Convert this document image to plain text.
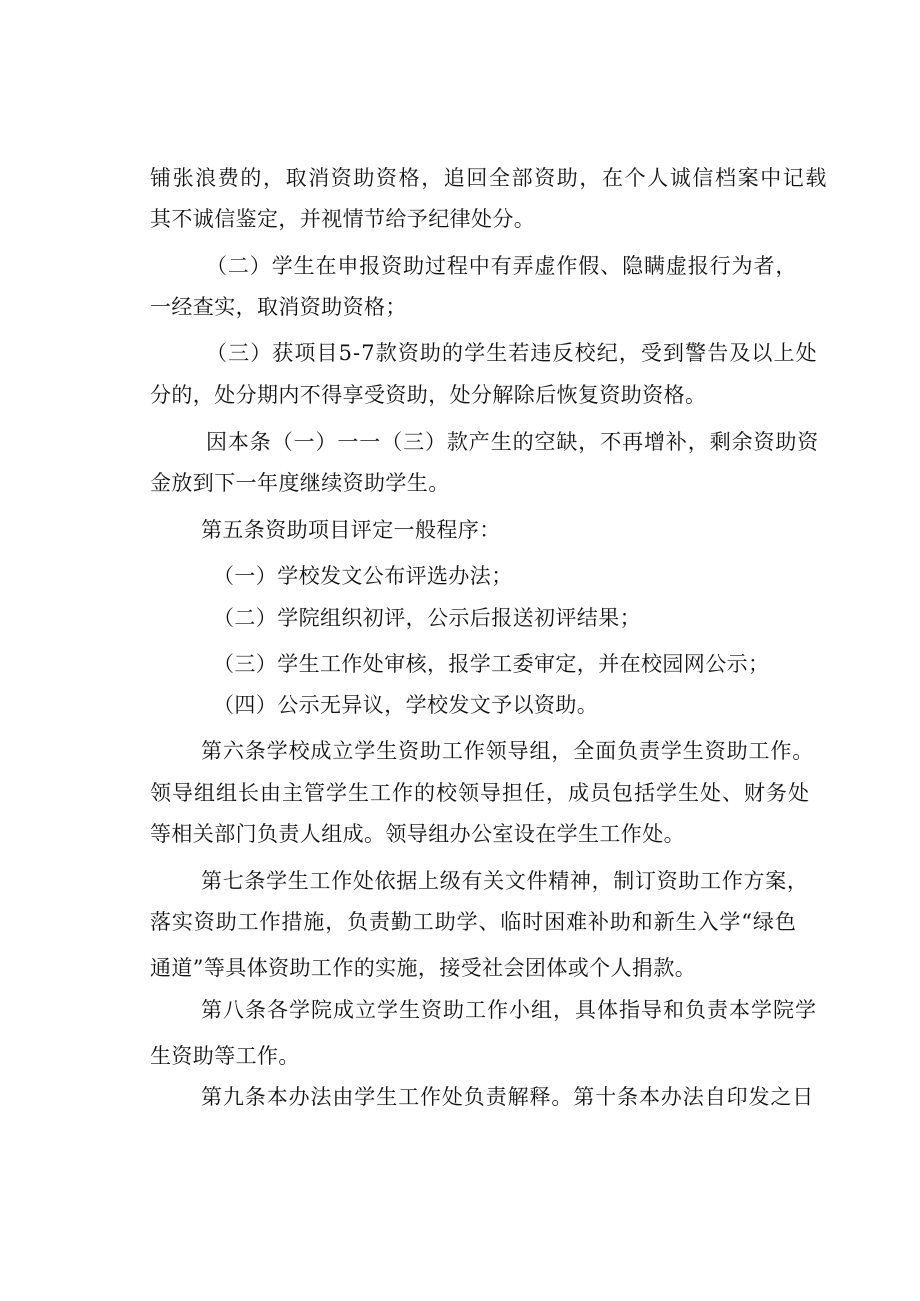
铺张浪费的，取消资助资格，追回全部资助，在个人诚信档案中记载
其不诚信鉴定，并视情节给予纪律处分。
（二）学生在申报资助过程中有弄虚作假、隐瞒虚报行为者，
一经查实，取消资助资格；
（三）获项目5-7款资助的学生若违反校纪，受到警告及以上处
分的，处分期内不得享受资助，处分解除后恢复资助资格。
因本条（一）一一（三）款产生的空缺，不再增补，剩余资助资
金放到下一年度继续资助学生。
第五条资助项目评定一般程序：
（一）学校发文公布评选办法；
（二）学院组织初评，公示后报送初评结果；
（三）学生工作处审核，报学工委审定，并在校园网公示；
（四）公示无异议，学校发文予以资助。
第六条学校成立学生资助工作领导组，全面负责学生资助工作。
领导组组长由主管学生工作的校领导担任，成员包括学生处、财务处
等相关部门负责人组成。领导组办公室设在学生工作处。
第七条学生工作处依据上级有关文件精神，制订资助工作方案，
落实资助工作措施，负责勤工助学、临时困难补助和新生入学“绿色
通道”等具体资助工作的实施，接受社会团体或个人捐款。
第八条各学院成立学生资助工作小组，具体指导和负责本学院学
生资助等工作。
第九条本办法由学生工作处负责解释。第十条本办法自印发之日
